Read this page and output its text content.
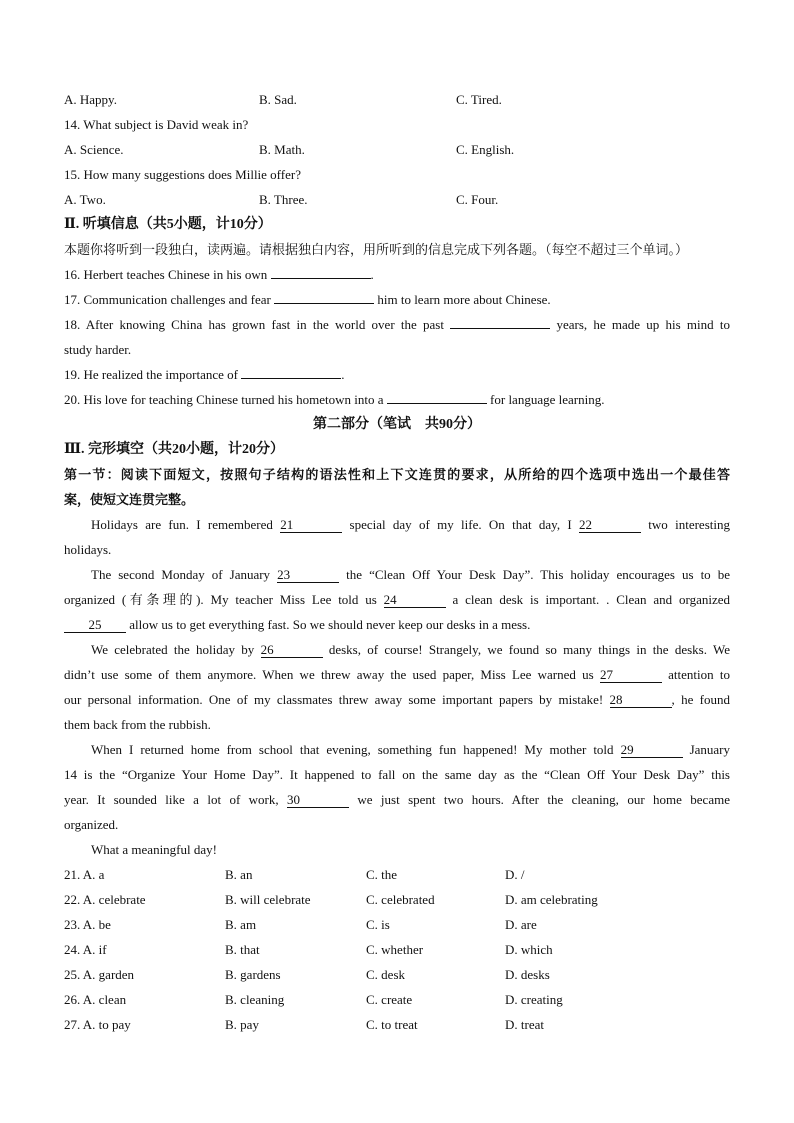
A. Happy.	B. Sad.	C. Tired.
14. What subject is David weak in?
A. Science.	B. Math.	C. English.
15. How many suggestions does Millie offer?
A. Two.	B. Three.	C. Four.
Ⅱ. 听填信息（共5小题，计10分）
本题你将听到一段独白，读两遍。请根据独白内容，用所听到的信息完成下列各题。（每空不超过三个单词。）
16. Herbert teaches Chinese in his own	.
17. Communication challenges and fear	him to learn more about Chinese.
18. After knowing China has grown fast in the world over the past	years, he made up his mind to
study harder.
19. He realized the importance of	.
20. His love for teaching Chinese turned his hometown into a	for language learning.
第二部分（笔试　共90分）
Ⅲ. 完形填空（共20小题，计20分）
第一节：阅读下面短文，按照句子结构的语法性和上下文连贯的要求，从所给的四个选项中选出一个最佳答
案，使短文连贯完整。
Holidays are fun. I remembered 21	special day of my life. On that day, I 22	two interesting
holidays.
The second Monday of January 23	the “Clean Off Your Desk Day”. This holiday encourages us to be
organized (有条理的). My teacher Miss Lee told us 24	a clean desk is important. . Clean and organized
25 allow us to get everything fast. So we should never keep our desks in a mess.
We celebrated the holiday by 26	desks, of course! Strangely, we found so many things in the desks. We
didn’t use some of them anymore. When we threw away the used paper, Miss Lee warned us 27	attention to
our personal information. One of my classmates threw away some important papers by mistake! 28	, he found
them back from the rubbish.
When I returned home from school that evening, something fun happened! My mother told 29	January
14 is the “Organize Your Home Day”. It happened to fall on the same day as the “Clean Off Your Desk Day” this
year. It sounded like a lot of work, 30	we just spent two hours. After the cleaning, our home became
organized.
What a meaningful day!
21. A. a	B. an	C. the	D. /
22. A. celebrate	B. will celebrate	C. celebrated	D. am celebrating
23. A. be	B. am	C. is	D. are
24. A. if	B. that	C. whether	D. which
25. A. garden	B. gardens	C. desk	D. desks
26. A. clean	B. cleaning	C. create	D. creating
27. A. to pay	B. pay	C. to treat	D. treat
